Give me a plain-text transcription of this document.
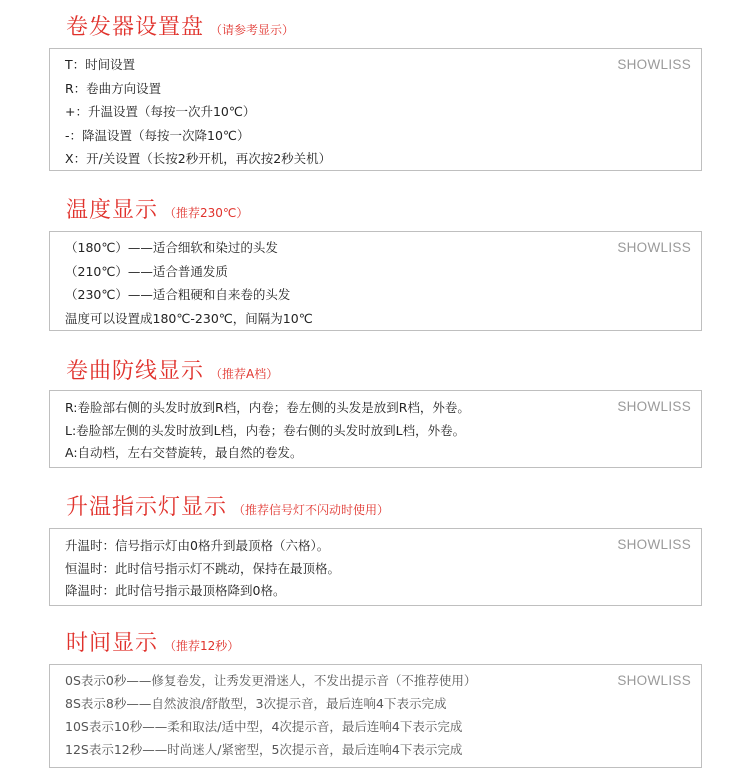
卷发器设置盘 （请参考显示）
SHOWLISS
T：时间设置
R：卷曲方向设置
+：升温设置（每按一次升10℃）
-：降温设置（每按一次降10℃）
X：开/关设置（长按2秒开机，再次按2秒关机）
温度显示 （推荐230℃）
SHOWLISS
（180℃）——适合细软和染过的头发
（210℃）——适合普通发质
（230℃）——适合粗硬和自来卷的头发
温度可以设置成180℃-230℃，间隔为10℃
卷曲防线显示 （推荐A档）
SHOWLISS
R:卷脸部右侧的头发时放到R档，内卷；卷左侧的头发是放到R档，外卷。
L:卷脸部左侧的头发时放到L档，内卷；卷右侧的头发时放到L档，外卷。
A:自动档，左右交替旋转，最自然的卷发。
升温指示灯显示 （推荐信号灯不闪动时使用）
SHOWLISS
升温时：信号指示灯由0格升到最顶格（六格）。
恒温时：此时信号指示灯不跳动，保持在最顶格。
降温时：此时信号指示最顶格降到0格。
时间显示 （推荐12秒）
SHOWLISS
0S表示0秒——修复卷发，让秀发更滑迷人，不发出提示音（不推荐使用）
8S表示8秒——自然波浪/舒散型，3次提示音，最后连响4下表示完成
10S表示10秒——柔和取法/适中型，4次提示音，最后连响4下表示完成
12S表示12秒——时尚迷人/紧密型，5次提示音，最后连响4下表示完成
